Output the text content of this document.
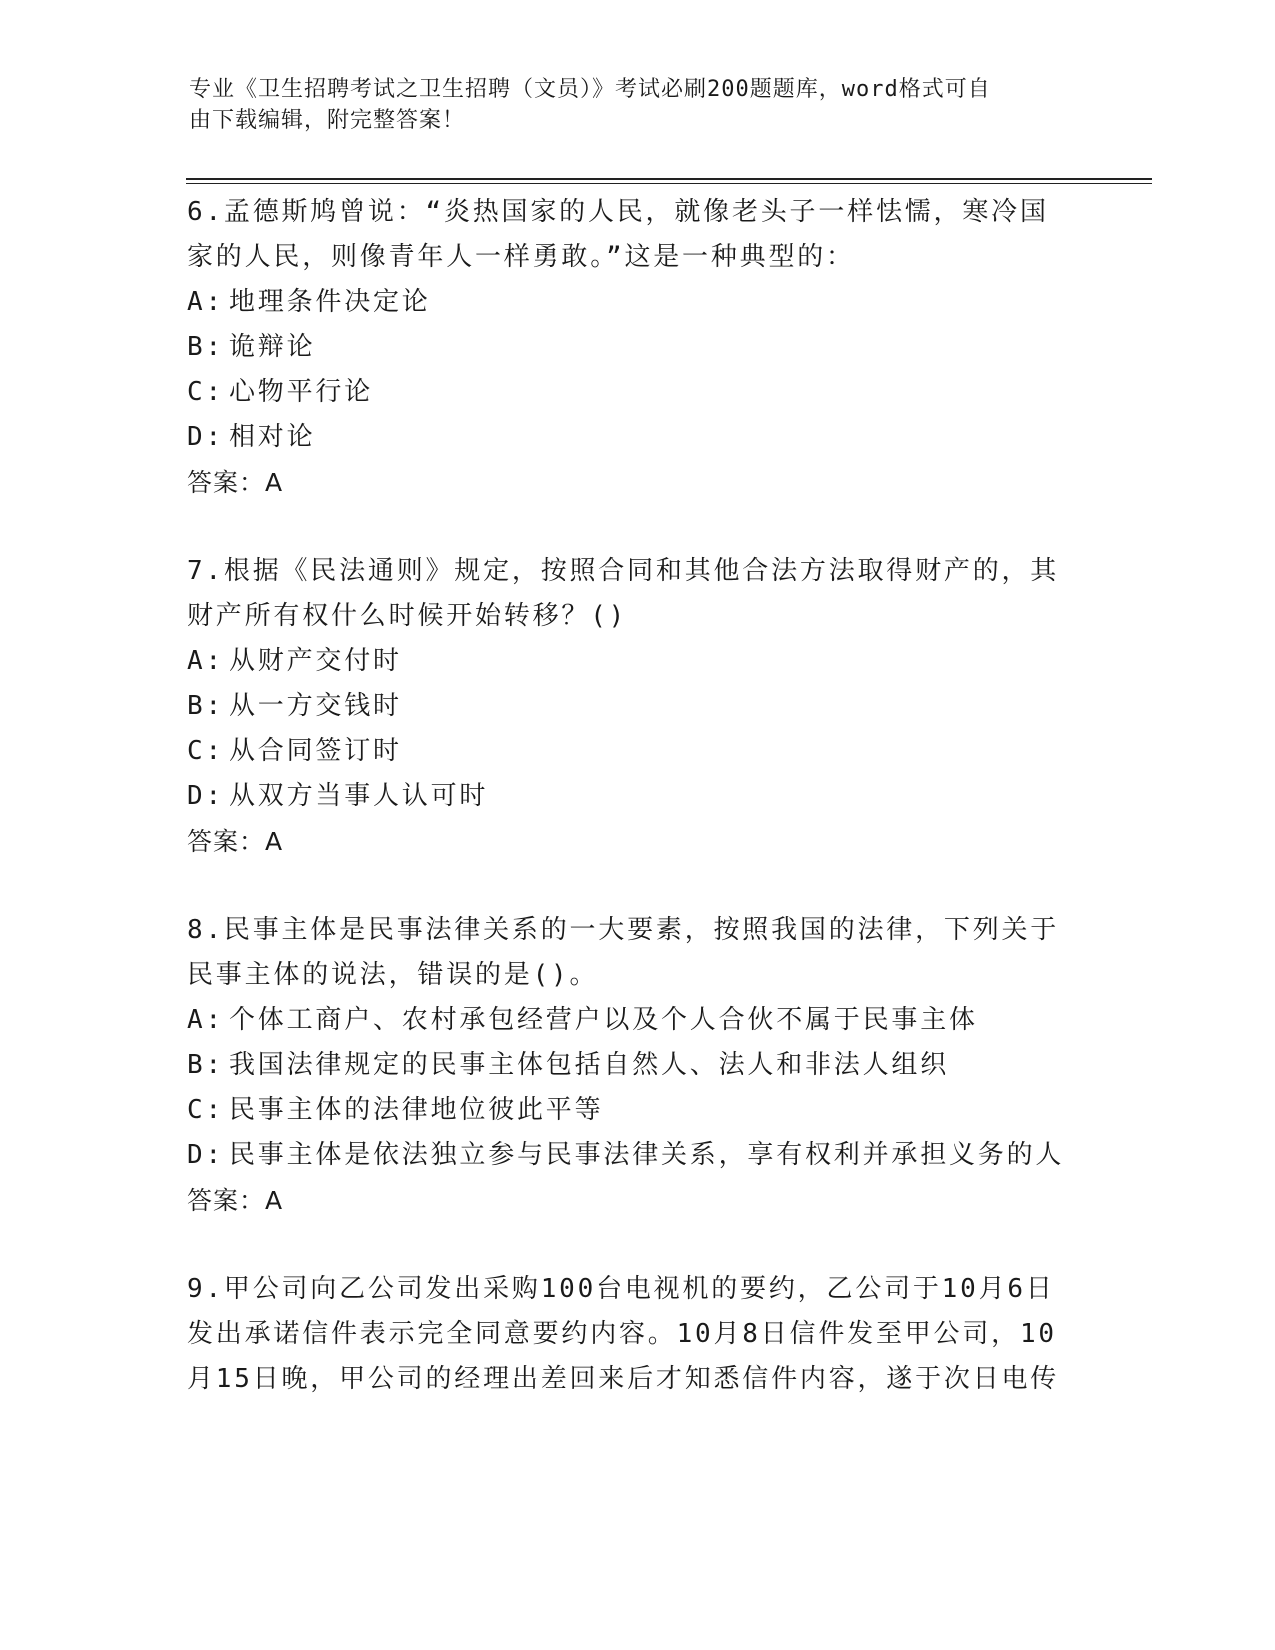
专业《卫生招聘考试之卫生招聘（文员）》考试必刷200题题库，word格式可自
由下载编辑，附完整答案！

6.孟德斯鸠曾说：“炎热国家的人民，就像老头子一样怯懦，寒冷国
家的人民，则像青年人一样勇敢。”这是一种典型的：

A: 地理条件决定论

B: 诡辩论

C: 心物平行论

D: 相对论

答案：A

7.根据《民法通则》规定，按照合同和其他合法方法取得财产的，其
财产所有权什么时候开始转移？()

A: 从财产交付时

B: 从一方交钱时

C: 从合同签订时

D: 从双方当事人认可时

答案：A

8.民事主体是民事法律关系的一大要素，按照我国的法律，下列关于
民事主体的说法，错误的是()。

A: 个体工商户、农村承包经营户以及个人合伙不属于民事主体

B: 我国法律规定的民事主体包括自然人、法人和非法人组织

C: 民事主体的法律地位彼此平等

D: 民事主体是依法独立参与民事法律关系，享有权利并承担义务的人

答案：A

9.甲公司向乙公司发出采购100台电视机的要约，乙公司于10月6日
发出承诺信件表示完全同意要约内容。10月8日信件发至甲公司，10
月15日晚，甲公司的经理出差回来后才知悉信件内容，遂于次日电传
